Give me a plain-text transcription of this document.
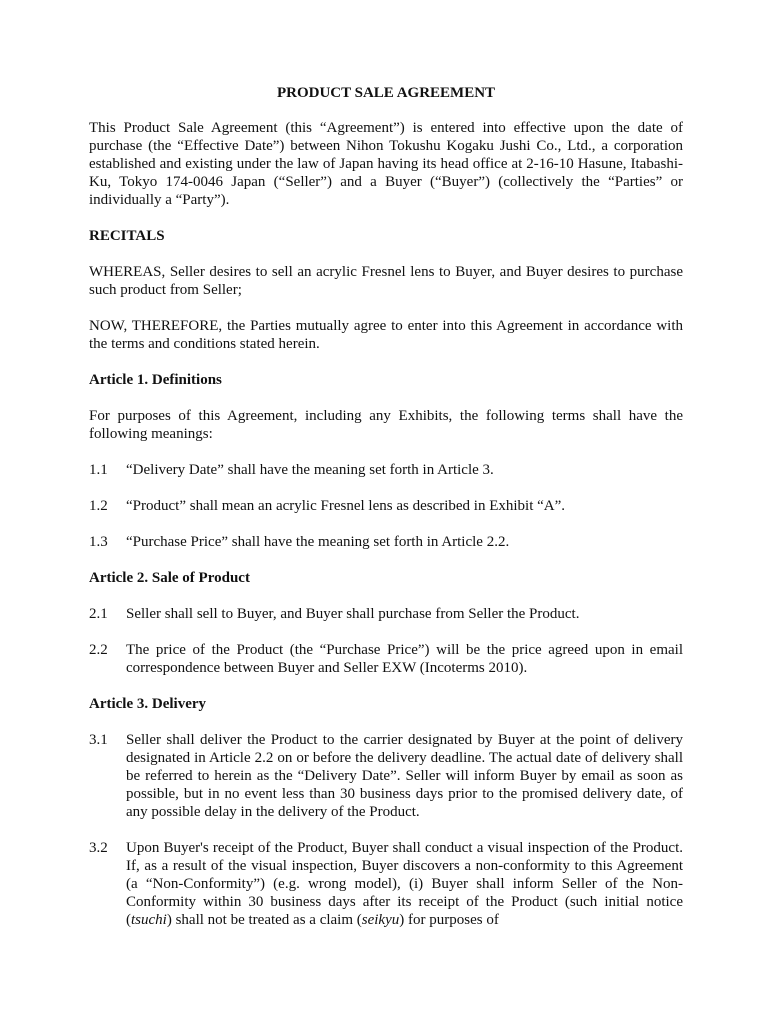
PRODUCT SALE AGREEMENT

This Product Sale Agreement (this “Agreement”) is entered into effective upon the date of purchase (the “Effective Date”) between Nihon Tokushu Kogaku Jushi Co., Ltd., a corporation established and existing under the law of Japan having its head office at 2-16-10 Hasune, Itabashi-Ku, Tokyo 174-0046 Japan (“Seller”) and a Buyer (“Buyer”) (collectively the “Parties” or individually a “Party”).

RECITALS

WHEREAS, Seller desires to sell an acrylic Fresnel lens to Buyer, and Buyer desires to purchase such product from Seller;

NOW, THEREFORE, the Parties mutually agree to enter into this Agreement in accordance with the terms and conditions stated herein.

Article 1. Definitions

For purposes of this Agreement, including any Exhibits, the following terms shall have the following meanings:

1.1	“Delivery Date” shall have the meaning set forth in Article 3.
1.2	“Product” shall mean an acrylic Fresnel lens as described in Exhibit “A”.
1.3	“Purchase Price” shall have the meaning set forth in Article 2.2.
Article 2. Sale of Product
2.1	Seller shall sell to Buyer, and Buyer shall purchase from Seller the Product.
2.2	The price of the Product (the “Purchase Price”) will be the price agreed upon in email correspondence between Buyer and Seller EXW (Incoterms 2010).
Article 3. Delivery
3.1	Seller shall deliver the Product to the carrier designated by Buyer at the point of delivery designated in Article 2.2 on or before the delivery deadline. The actual date of delivery shall be referred to herein as the “Delivery Date”. Seller will inform Buyer by email as soon as possible, but in no event less than 30 business days prior to the promised delivery date, of any possible delay in the delivery of the Product.
3.2	Upon Buyer's receipt of the Product, Buyer shall conduct a visual inspection of the Product. If, as a result of the visual inspection, Buyer discovers a non-conformity to this Agreement (a “Non-Conformity”) (e.g. wrong model), (i) Buyer shall inform Seller of the Non-Conformity within 30 business days after its receipt of the Product (such initial notice (tsuchi) shall not be treated as a claim (seikyu) for purposes of
